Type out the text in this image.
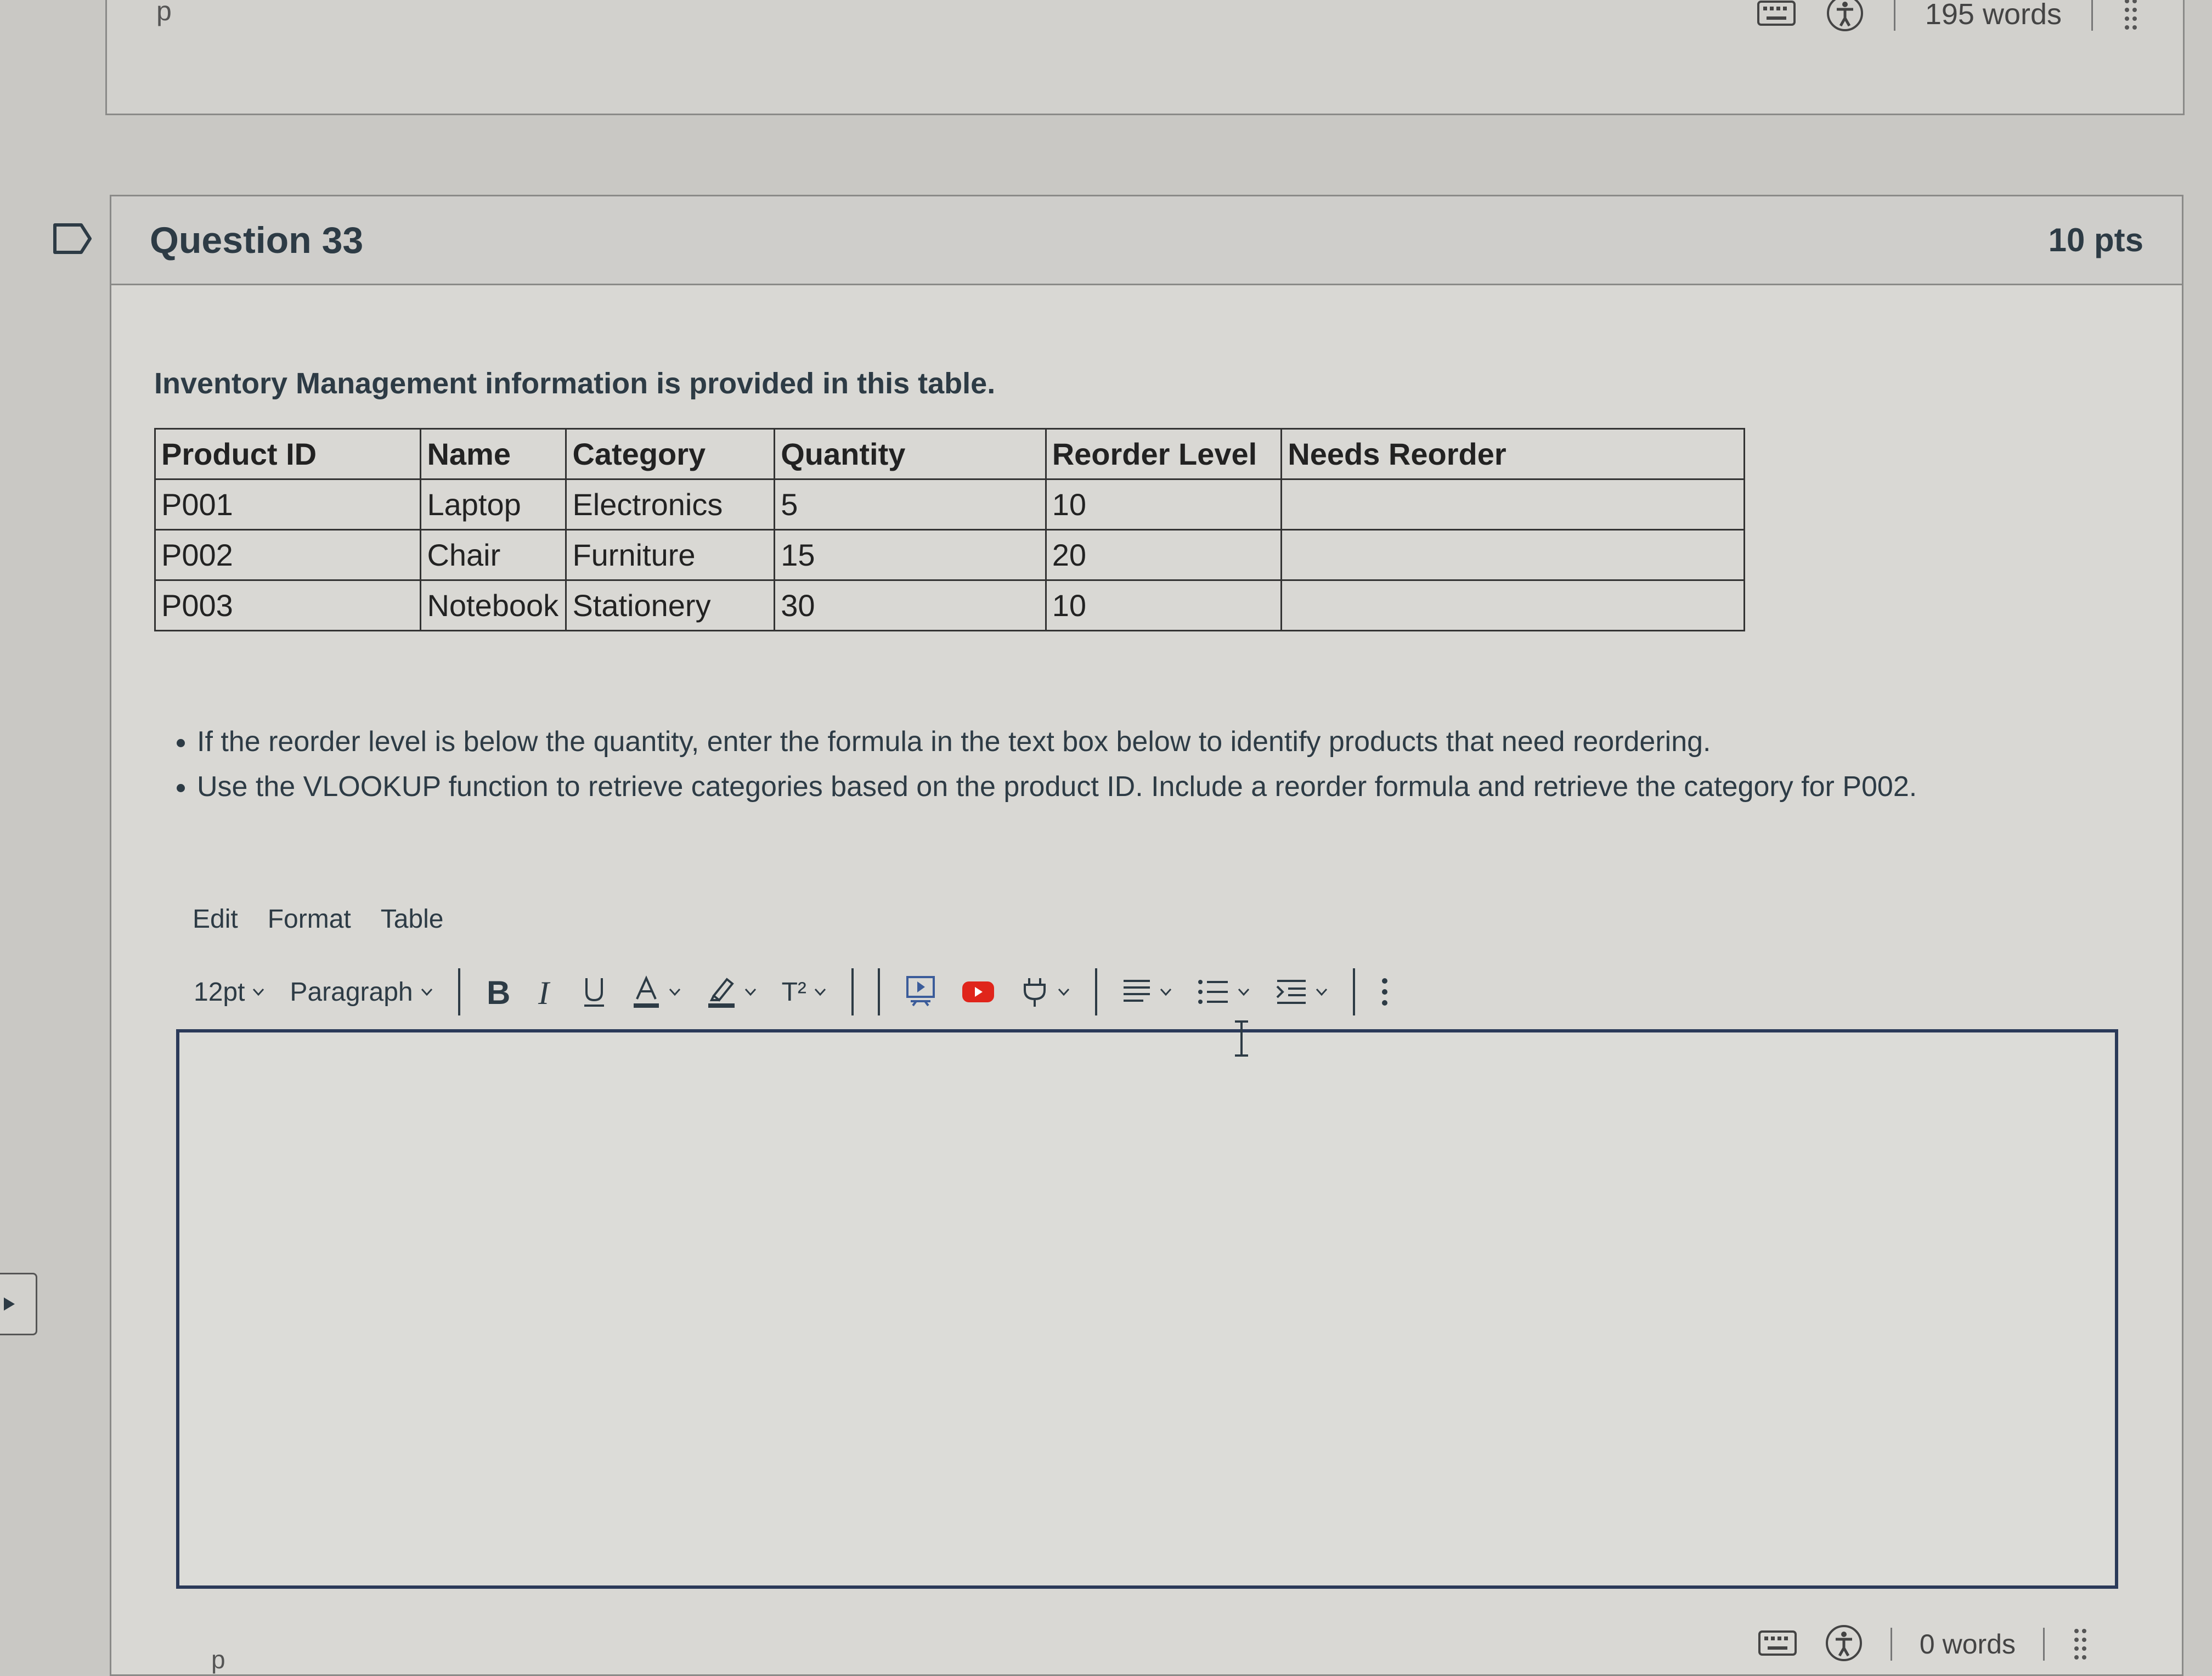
p	195 words
Question 33	10 pts

Inventory Management information is provided in this table.

Product ID	Name	Category	Quantity	Reorder Level	Needs Reorder
P001	Laptop	Electronics	5	10	
P002	Chair	Furniture	15	20	
P003	Notebook	Stationery	30	10	
• If the reorder level is below the quantity, enter the formula in the text box below to identify products that need reordering.
• Use the VLOOKUP function to retrieve categories based on the product ID. Include a reorder formula and retrieve the category for P002.
Edit Format Table
12pt Paragraph B I	T²
p	0 words
